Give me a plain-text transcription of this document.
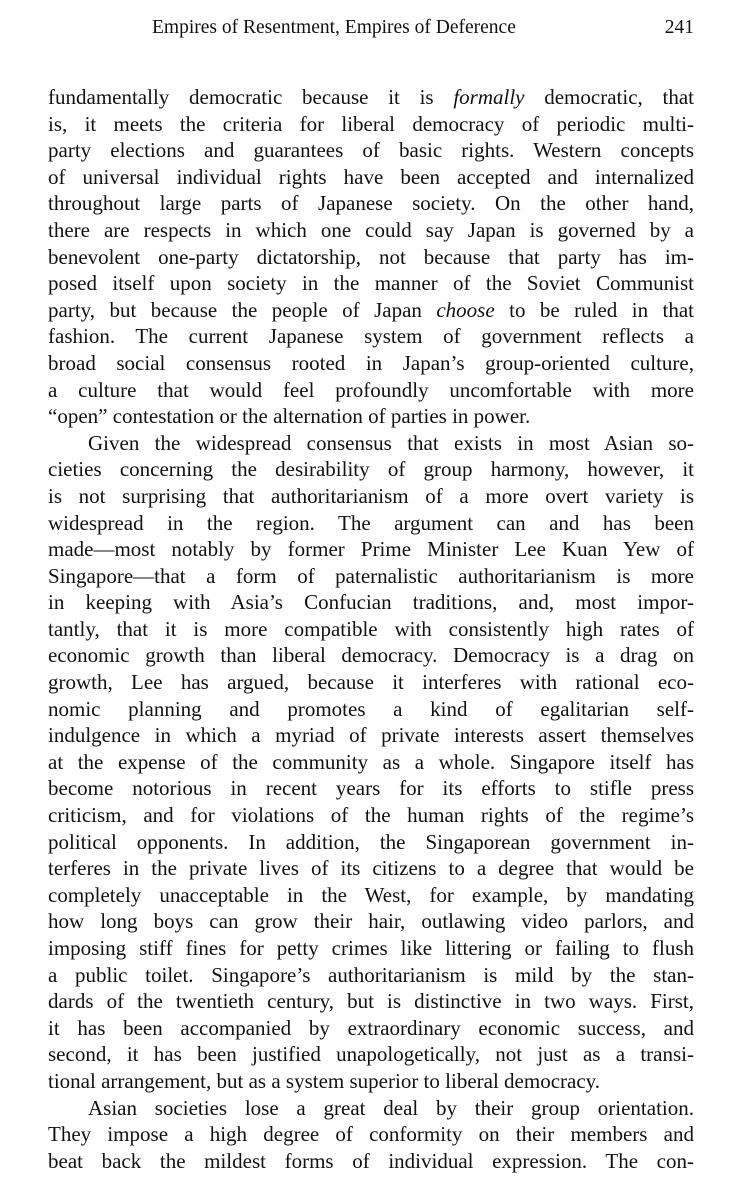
Empires of Resentment, Empires of Deference	241
fundamentally democratic because it is formally democratic, that
is, it meets the criteria for liberal democracy of periodic multi-
party elections and guarantees of basic rights. Western concepts
of universal individual rights have been accepted and internalized
throughout large parts of Japanese society. On the other hand,
there are respects in which one could say Japan is governed by a
benevolent one-party dictatorship, not because that party has im-
posed itself upon society in the manner of the Soviet Communist
party, but because the people of Japan choose to be ruled in that
fashion. The current Japanese system of government reflects a
broad social consensus rooted in Japan’s group-oriented culture,
a culture that would feel profoundly uncomfortable with more
“open” contestation or the alternation of parties in power.
Given the widespread consensus that exists in most Asian so-
cieties concerning the desirability of group harmony, however, it
is not surprising that authoritarianism of a more overt variety is
widespread in the region. The argument can and has been
made—most notably by former Prime Minister Lee Kuan Yew of
Singapore—that a form of paternalistic authoritarianism is more
in keeping with Asia’s Confucian traditions, and, most impor-
tantly, that it is more compatible with consistently high rates of
economic growth than liberal democracy. Democracy is a drag on
growth, Lee has argued, because it interferes with rational eco-
nomic planning and promotes a kind of egalitarian self-
indulgence in which a myriad of private interests assert themselves
at the expense of the community as a whole. Singapore itself has
become notorious in recent years for its efforts to stifle press
criticism, and for violations of the human rights of the regime’s
political opponents. In addition, the Singaporean government in-
terferes in the private lives of its citizens to a degree that would be
completely unacceptable in the West, for example, by mandating
how long boys can grow their hair, outlawing video parlors, and
imposing stiff fines for petty crimes like littering or failing to flush
a public toilet. Singapore’s authoritarianism is mild by the stan-
dards of the twentieth century, but is distinctive in two ways. First,
it has been accompanied by extraordinary economic success, and
second, it has been justified unapologetically, not just as a transi-
tional arrangement, but as a system superior to liberal democracy.
Asian societies lose a great deal by their group orientation.
They impose a high degree of conformity on their members and
beat back the mildest forms of individual expression. The con-
